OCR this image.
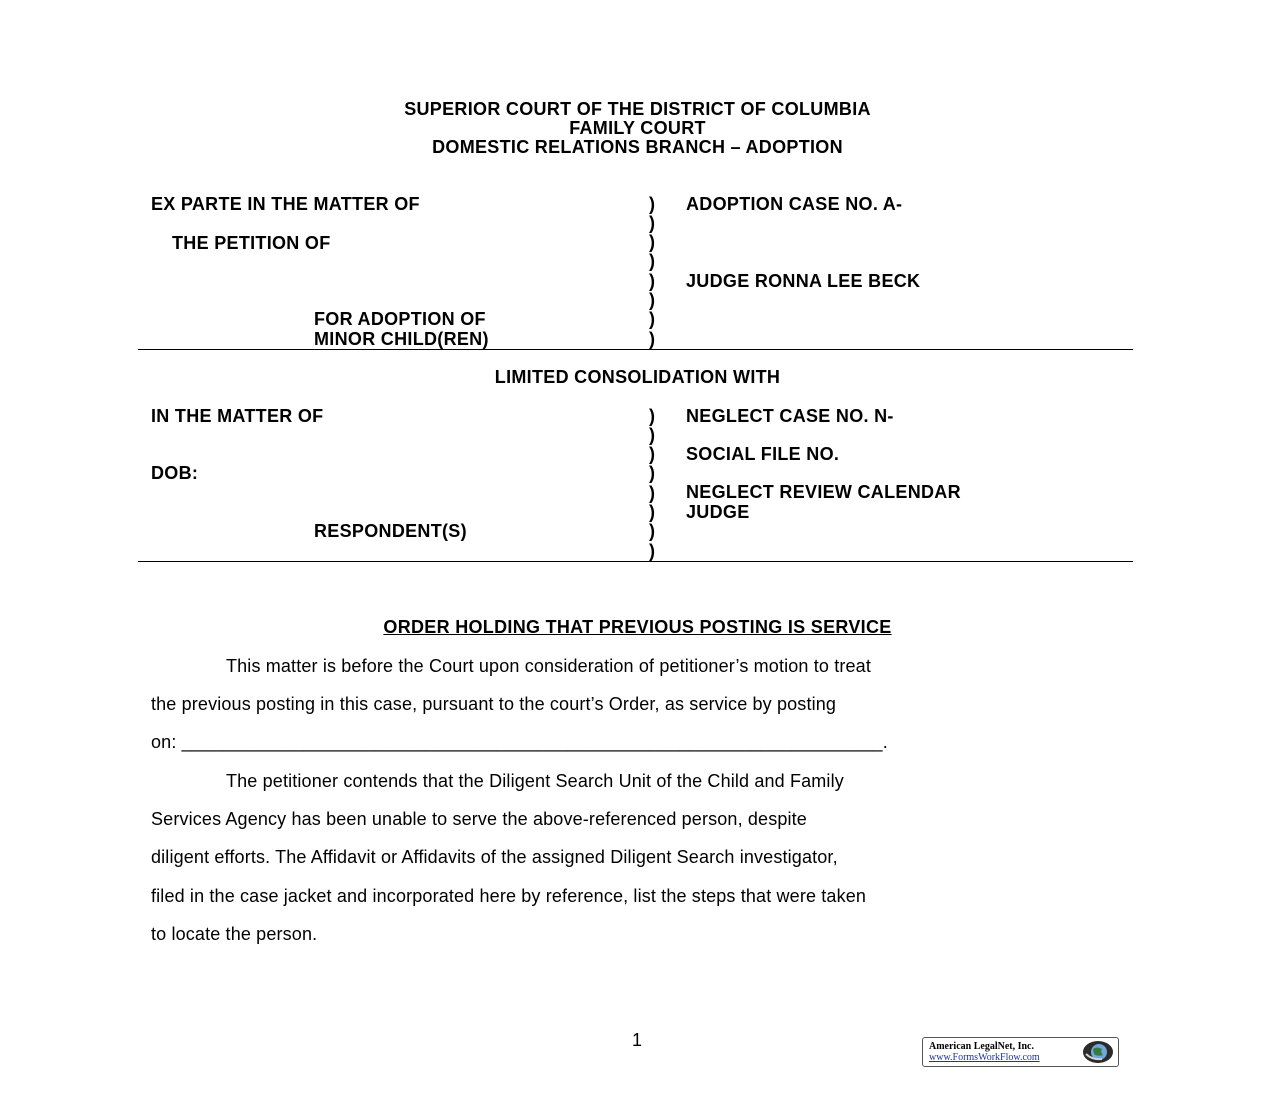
SUPERIOR COURT OF THE DISTRICT OF COLUMBIA
FAMILY COURT
DOMESTIC RELATIONS BRANCH – ADOPTION
EX PARTE IN THE MATTER OF
THE PETITION OF
FOR ADOPTION OF
MINOR CHILD(REN)
ADOPTION CASE NO. A-
JUDGE RONNA LEE BECK
)
)
)
)
)
)
)
)
LIMITED CONSOLIDATION WITH
IN THE MATTER OF
DOB:
RESPONDENT(S)
NEGLECT CASE NO. N-
SOCIAL FILE NO.
NEGLECT REVIEW CALENDAR
JUDGE
)
)
)
)
)
)
)
)
ORDER HOLDING THAT PREVIOUS POSTING IS SERVICE
This matter is before the Court upon consideration of petitioner’s motion to treat
the previous posting in this case, pursuant to the court’s Order, as service by posting
on: _____________________________________________________________________.
The petitioner contends that the Diligent Search Unit of the Child and Family
Services Agency has been unable to serve the above-referenced person, despite
diligent efforts. The Affidavit or Affidavits of the assigned Diligent Search investigator,
filed in the case jacket and incorporated here by reference, list the steps that were taken
to locate the person.
1	American LegalNet, Inc.
www.FormsWorkFlow.com
